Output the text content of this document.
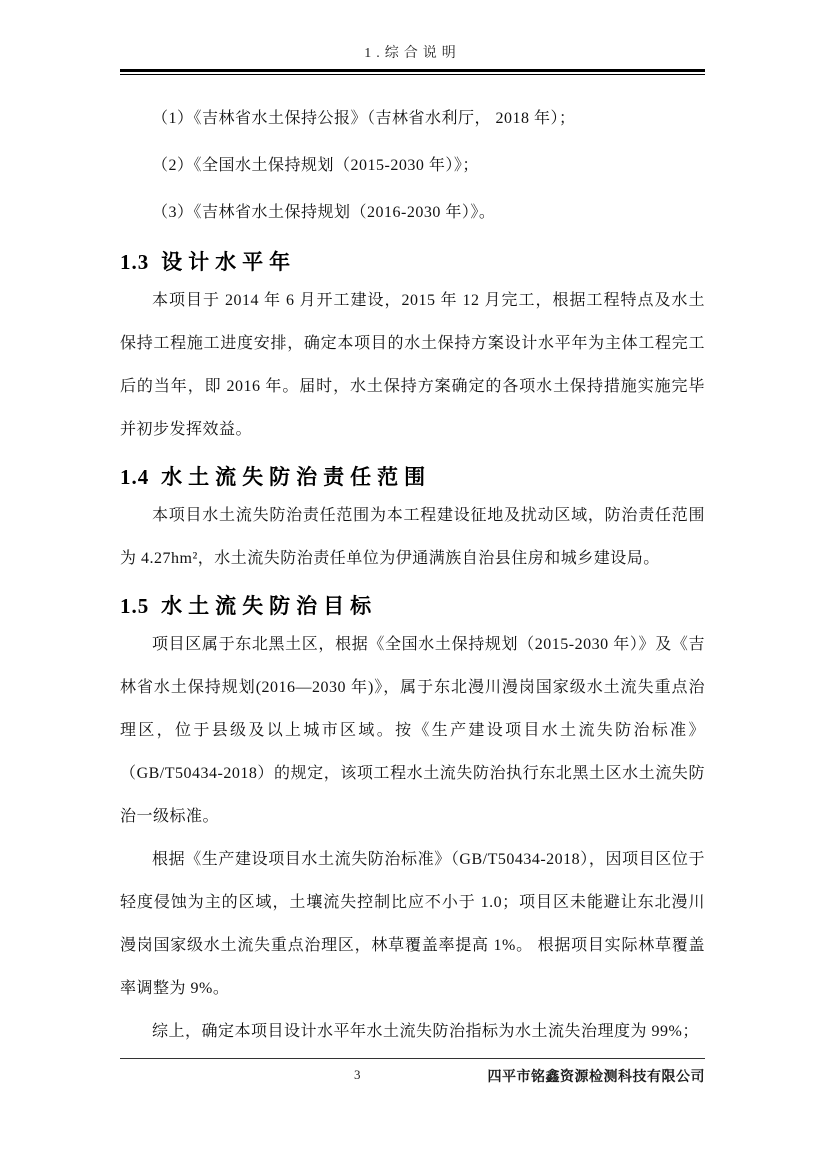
1.综合说明

（1）《吉林省水土保持公报》（吉林省水利厅， 2018 年）；

（2）《全国水土保持规划（2015-2030 年）》；

（3）《吉林省水土保持规划（2016-2030 年）》。

1.3 设计水平年

本项目于 2014 年 6 月开工建设，2015 年 12 月完工，根据工程特点及水土保持工程施工进度安排，确定本项目的水土保持方案设计水平年为主体工程完工后的当年，即 2016 年。届时，水土保持方案确定的各项水土保持措施实施完毕并初步发挥效益。

1.4 水土流失防治责任范围

本项目水土流失防治责任范围为本工程建设征地及扰动区域，防治责任范围为 4.27hm²，水土流失防治责任单位为伊通满族自治县住房和城乡建设局。

1.5 水土流失防治目标

项目区属于东北黑土区，根据《全国水土保持规划（2015-2030 年）》及《吉林省水土保持规划(2016—2030 年)》，属于东北漫川漫岗国家级水土流失重点治理区，位于县级及以上城市区域。按《生产建设项目水土流失防治标准》（GB/T50434-2018）的规定，该项工程水土流失防治执行东北黑土区水土流失防治一级标准。

根据《生产建设项目水土流失防治标准》（GB/T50434-2018），因项目区位于轻度侵蚀为主的区域，土壤流失控制比应不小于 1.0；项目区未能避让东北漫川漫岗国家级水土流失重点治理区，林草覆盖率提高 1%。 根据项目实际林草覆盖率调整为 9%。

综上，确定本项目设计水平年水土流失防治指标为水土流失治理度为 99%；

3	四平市铭鑫资源检测科技有限公司
